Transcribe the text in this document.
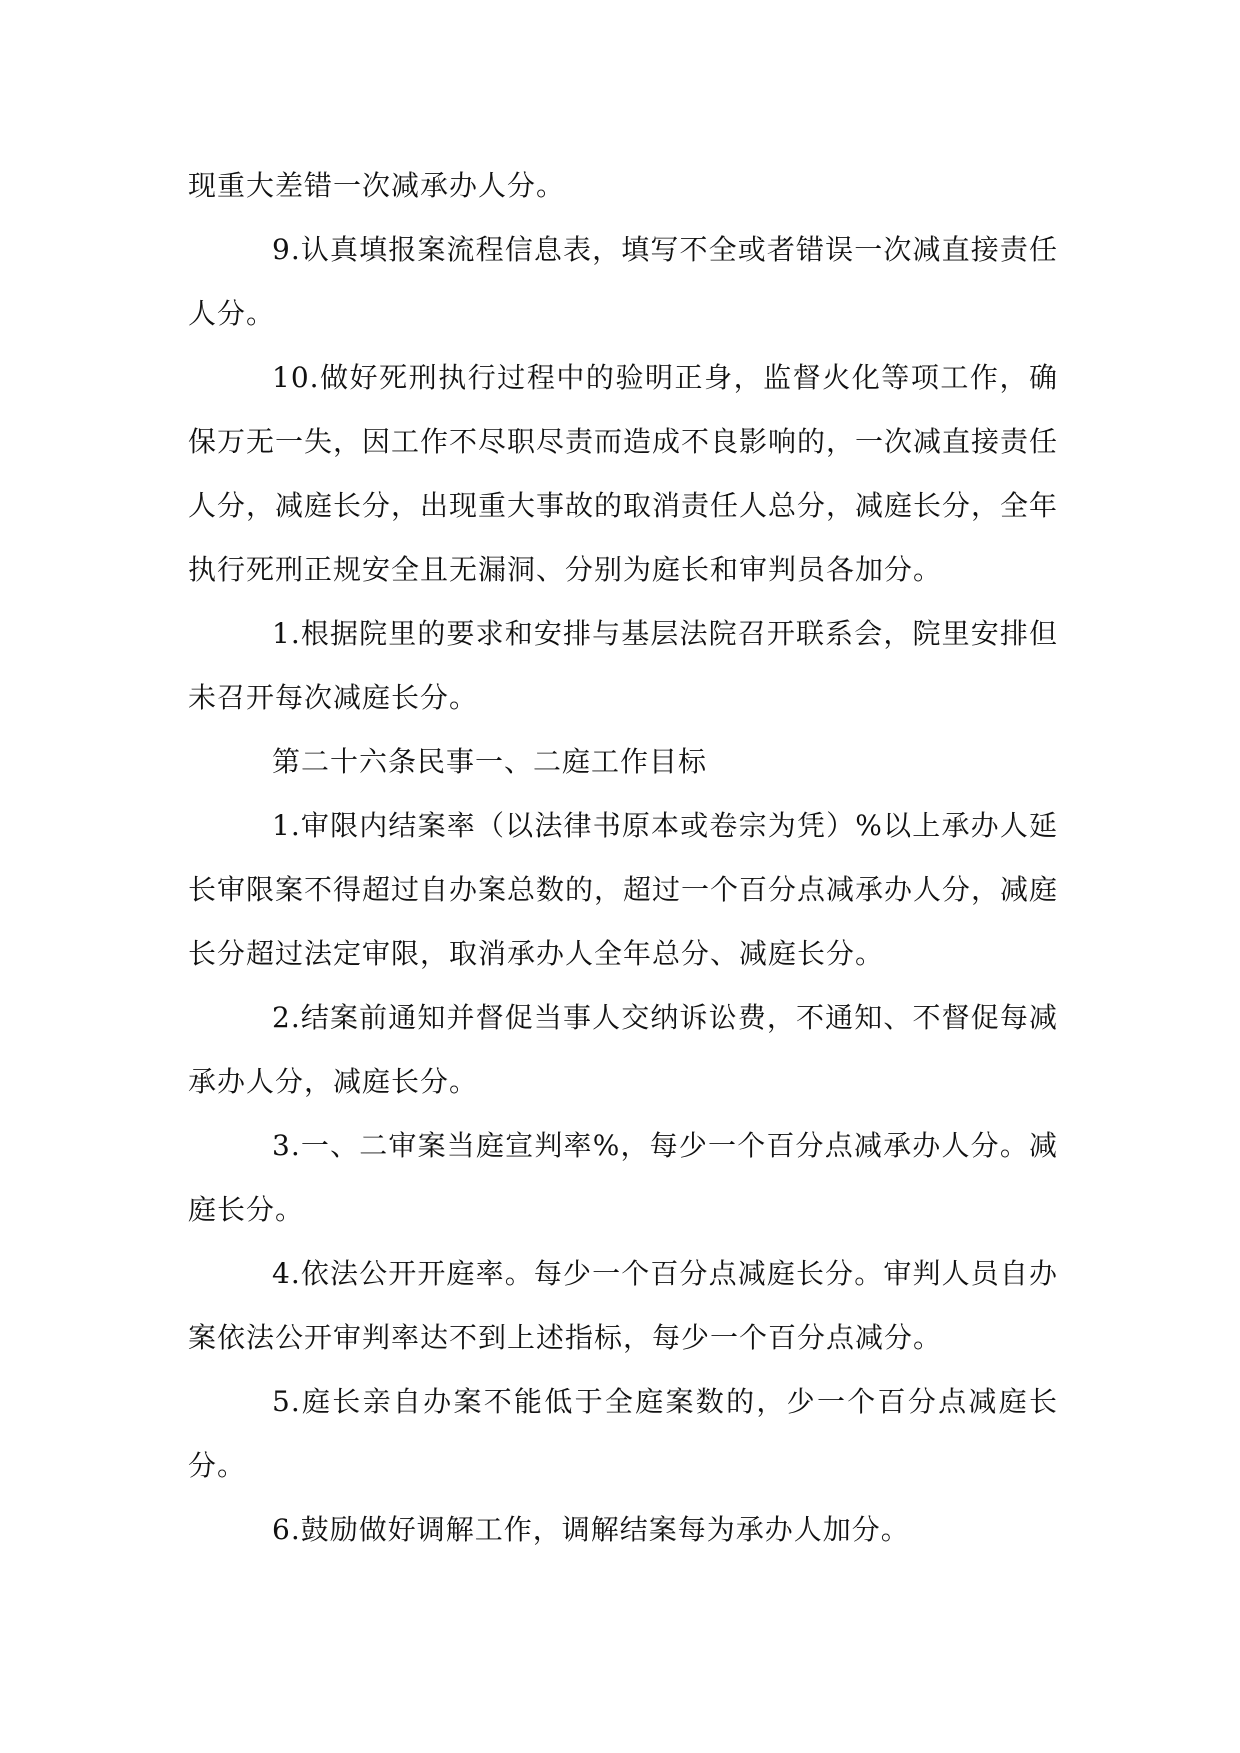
现重大差错一次减承办人分。

9.认真填报案流程信息表，填写不全或者错误一次减直接责任人分。

10.做好死刑执行过程中的验明正身，监督火化等项工作，确保万无一失，因工作不尽职尽责而造成不良影响的，一次减直接责任人分，减庭长分，出现重大事故的取消责任人总分，减庭长分，全年执行死刑正规安全且无漏洞、分别为庭长和审判员各加分。

1.根据院里的要求和安排与基层法院召开联系会，院里安排但未召开每次减庭长分。

第二十六条民事一、二庭工作目标

1.审限内结案率（以法律书原本或卷宗为凭）%以上承办人延长审限案不得超过自办案总数的，超过一个百分点减承办人分，减庭长分超过法定审限，取消承办人全年总分、减庭长分。

2.结案前通知并督促当事人交纳诉讼费，不通知、不督促每减承办人分，减庭长分。

3.一、二审案当庭宣判率%，每少一个百分点减承办人分。减庭长分。

4.依法公开开庭率。每少一个百分点减庭长分。审判人员自办案依法公开审判率达不到上述指标，每少一个百分点减分。

5.庭长亲自办案不能低于全庭案数的，少一个百分点减庭长分。

6.鼓励做好调解工作，调解结案每为承办人加分。
